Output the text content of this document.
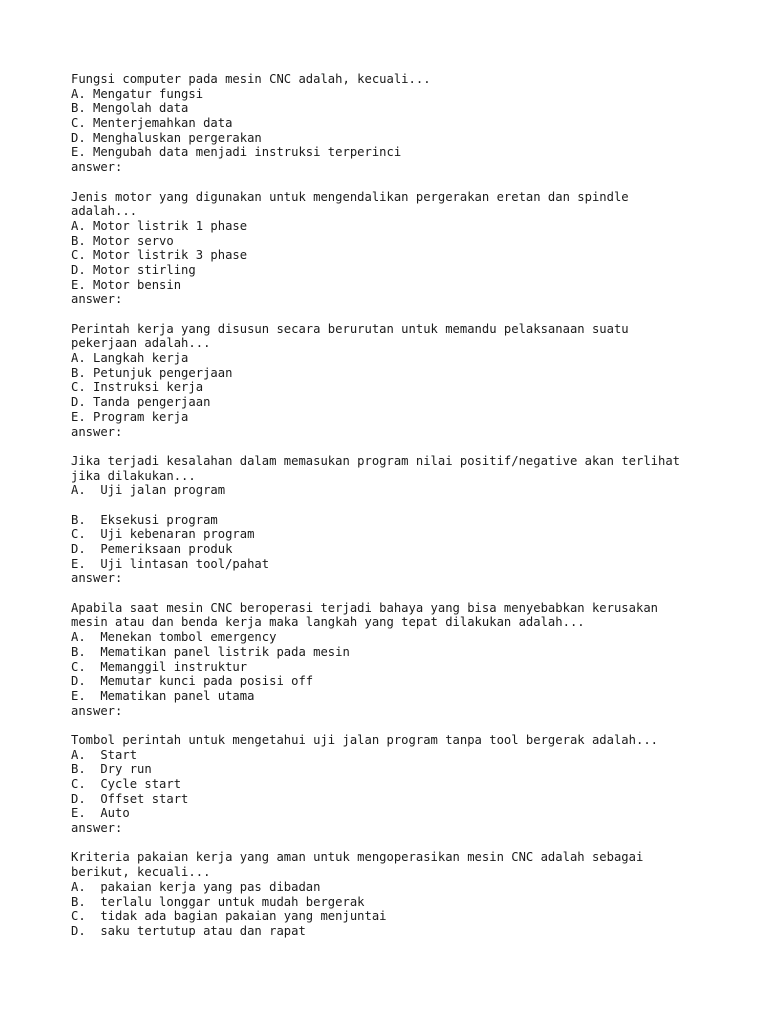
Fungsi computer pada mesin CNC adalah, kecuali...
A. Mengatur fungsi
B. Mengolah data
C. Menterjemahkan data
D. Menghaluskan pergerakan
E. Mengubah data menjadi instruksi terperinci
answer:
Jenis motor yang digunakan untuk mengendalikan pergerakan eretan dan spindle
adalah...
A. Motor listrik 1 phase
B. Motor servo
C. Motor listrik 3 phase
D. Motor stirling
E. Motor bensin
answer:
Perintah kerja yang disusun secara berurutan untuk memandu pelaksanaan suatu
pekerjaan adalah...
A. Langkah kerja
B. Petunjuk pengerjaan
C. Instruksi kerja
D. Tanda pengerjaan
E. Program kerja
answer:
Jika terjadi kesalahan dalam memasukan program nilai positif/negative akan terlihat
jika dilakukan...
A.  Uji jalan program
B.  Eksekusi program
C.  Uji kebenaran program
D.  Pemeriksaan produk
E.  Uji lintasan tool/pahat
answer:
Apabila saat mesin CNC beroperasi terjadi bahaya yang bisa menyebabkan kerusakan
mesin atau dan benda kerja maka langkah yang tepat dilakukan adalah...
A.  Menekan tombol emergency
B.  Mematikan panel listrik pada mesin
C.  Memanggil instruktur
D.  Memutar kunci pada posisi off
E.  Mematikan panel utama
answer:
Tombol perintah untuk mengetahui uji jalan program tanpa tool bergerak adalah...
A.  Start
B.  Dry run
C.  Cycle start
D.  Offset start
E.  Auto
answer:
Kriteria pakaian kerja yang aman untuk mengoperasikan mesin CNC adalah sebagai
berikut, kecuali...
A.  pakaian kerja yang pas dibadan
B.  terlalu longgar untuk mudah bergerak
C.  tidak ada bagian pakaian yang menjuntai
D.  saku tertutup atau dan rapat
